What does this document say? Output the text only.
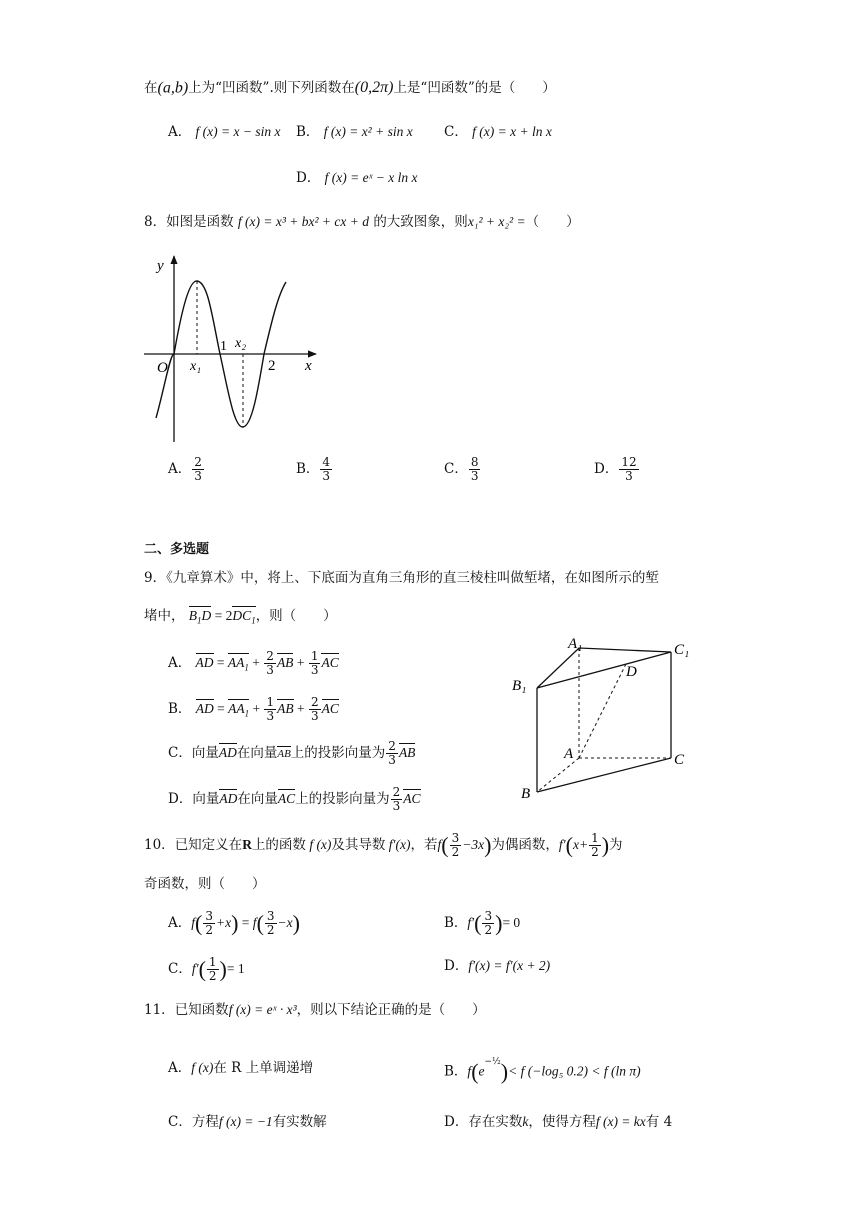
在(a,b)上为“凹函数”.则下列函数在(0,2π)上是“凹函数”的是（　　）
A． f (x) = x − sin x B． f (x) = x² + sin x C． f (x) = x + ln x
D． f (x) = eˣ − x ln x
8．如图是函数 f (x) = x³ + bx² + cx + d 的大致图象，则x₁² + x₂² =（　　）
y
x
O x₁
1 x₂
2
A． $\frac{2}{3}$	B． $\frac{4}{3}$	C． $\frac{8}{3}$	D． $\frac{12}{3}$
二、多选题
9．《九章算术》中，将上、下底面为直角三角形的直三棱柱叫做堑堵，在如图所示的堑
堵中， $B_1D = 2DC_1$，则（　　）
A． AD = $AA_1 + \frac{2}{3}$ AB + $\frac{1}{3}$ AC
B． AD = $AA_1 + \frac{1}{3}$ AB + $\frac{2}{3}$ AC
C．向量AD在向量AB上的投影向量为 $\frac{2}{3}$ AB
D．向量AD在向量AC上的投影向量为 $\frac{2}{3}$ AC
A₁	C₁
B₁
D
A	C
B
10．已知定义在R上的函数 f (x)及其导数 f′(x)，若$f( \frac{3}{2} -3x)$为偶函数，$f'(x+ \frac{1}{2}$ )为
奇函数，则（　　）
A．$f( \frac{3}{2} +x) = f( \frac{3}{2} -x)$	B．$f'( \frac{3}{2}$ )= 0
C．$f'( \frac{1}{2}$ )= 1	D．f′(x) = f′(x + 2)
11．已知函数f (x) = eˣ · x³，则以下结论正确的是（　　）
A．f (x)在 R 上单调递增	B．$f(e^{-\frac{1}{2}})< f$ (−log₅ 0.2) < f (ln π)
C．方程f (x) = −1有实数解	D．存在实数k，使得方程f (x) = kx有 4
